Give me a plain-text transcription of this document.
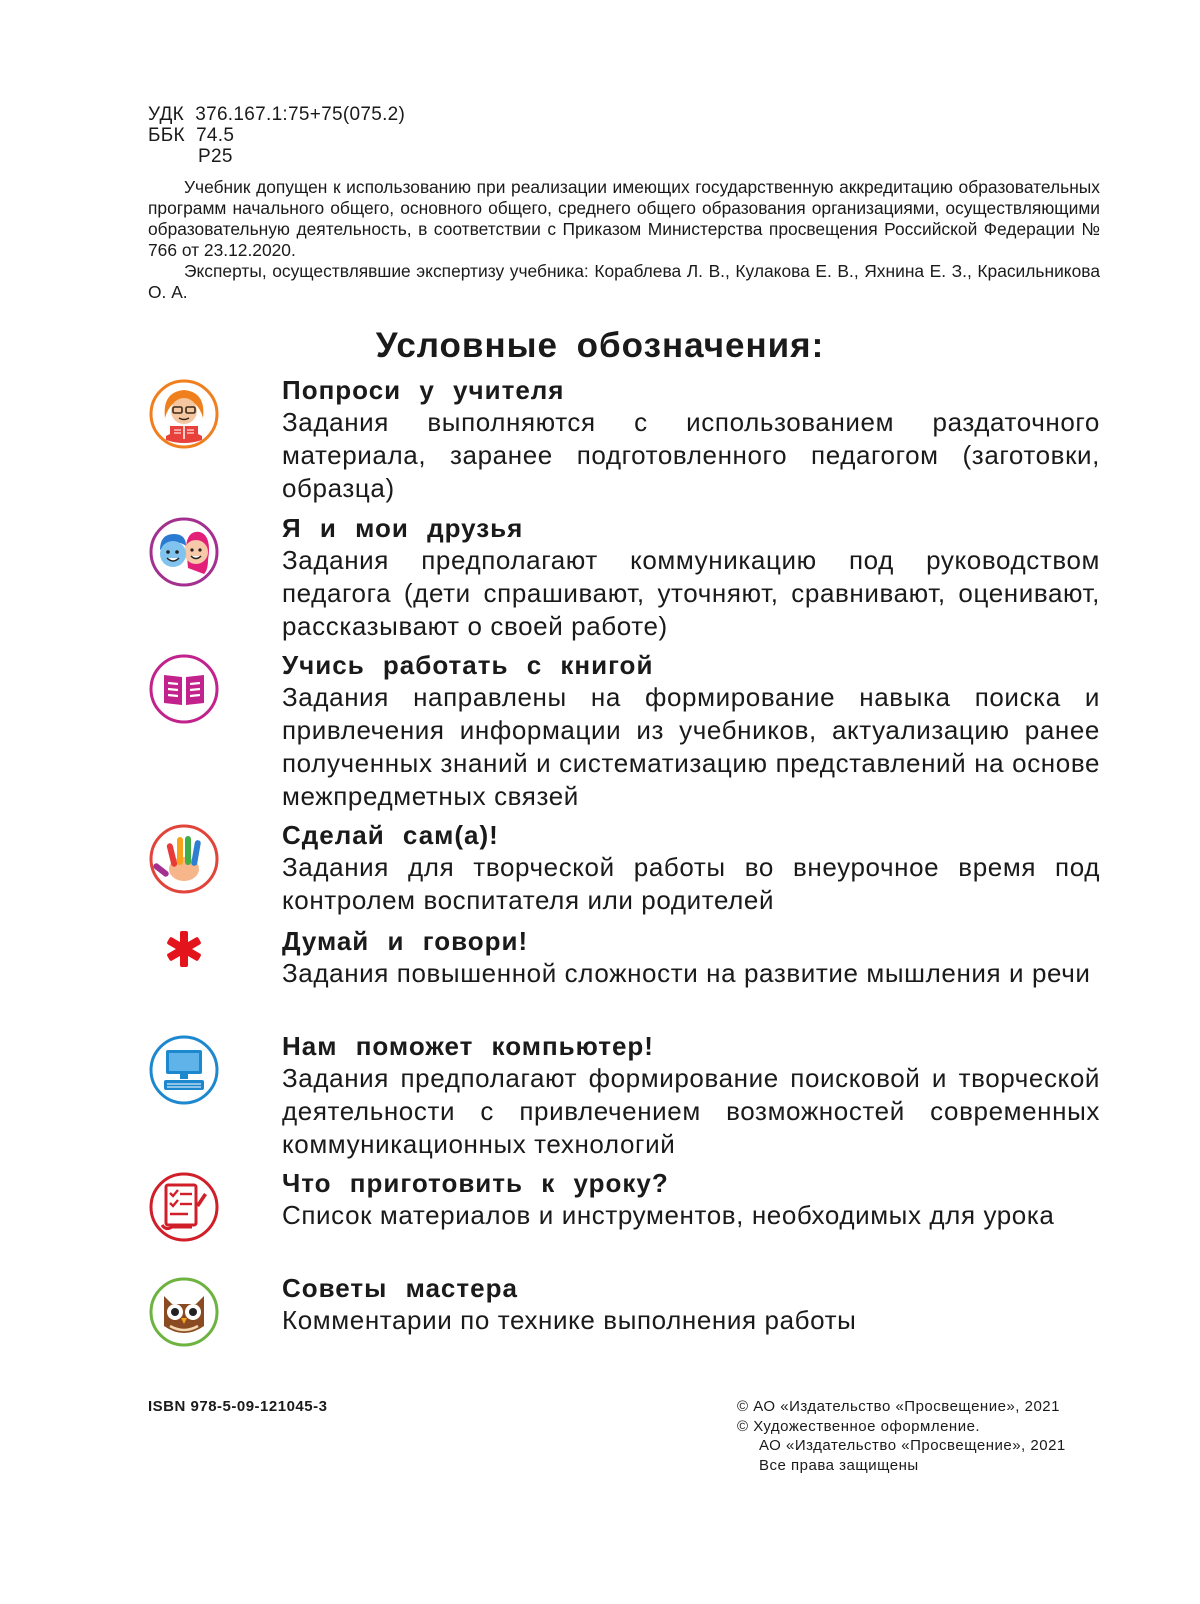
УДК  376.167.1:75+75(075.2)
ББК  74.5
Р25

Учебник допущен к использованию при реализации имеющих государственную аккредитацию образовательных программ начального общего, основного общего, среднего общего образования организациями, осуществляющими образовательную деятельность, в соответствии с Приказом Министерства просвещения Российской Федерации № 766 от 23.12.2020.

Эксперты, осуществлявшие экспертизу учебника: Кораблева Л. В., Кулакова Е. В., Яхнина Е. З., Красильникова О. А.

Условные обозначения:
Попроси у учителя
Задания выполняются с использованием раздаточного материала, заранее подготовленного педагогом (заготовки, образца)
Я и мои друзья
Задания предполагают коммуникацию под руководством педагога (дети спрашивают, уточняют, сравнивают, оценивают, рассказывают о своей работе)
Учись работать с книгой
Задания направлены на формирование навыка поиска и привлечения информации из учебников, актуализацию ранее полученных знаний и систематизацию представлений на основе межпредметных связей
Сделай сам(а)!
Задания для творческой работы во внеурочное время под контролем воспитателя или родителей
Думай и говори!
Задания повышенной сложности на развитие мышления и речи
Нам поможет компьютер!
Задания предполагают формирование поисковой и творческой деятельности с привлечением возможностей современных коммуникационных технологий
Что приготовить к уроку?
Список материалов и инструментов, необходимых для урока
Советы мастера
Комментарии по технике выполнения работы
ISBN 978-5-09-121045-3	© АО «Издательство «Просвещение», 2021
© Художественное оформление.
АО «Издательство «Просвещение», 2021
Все права защищены
